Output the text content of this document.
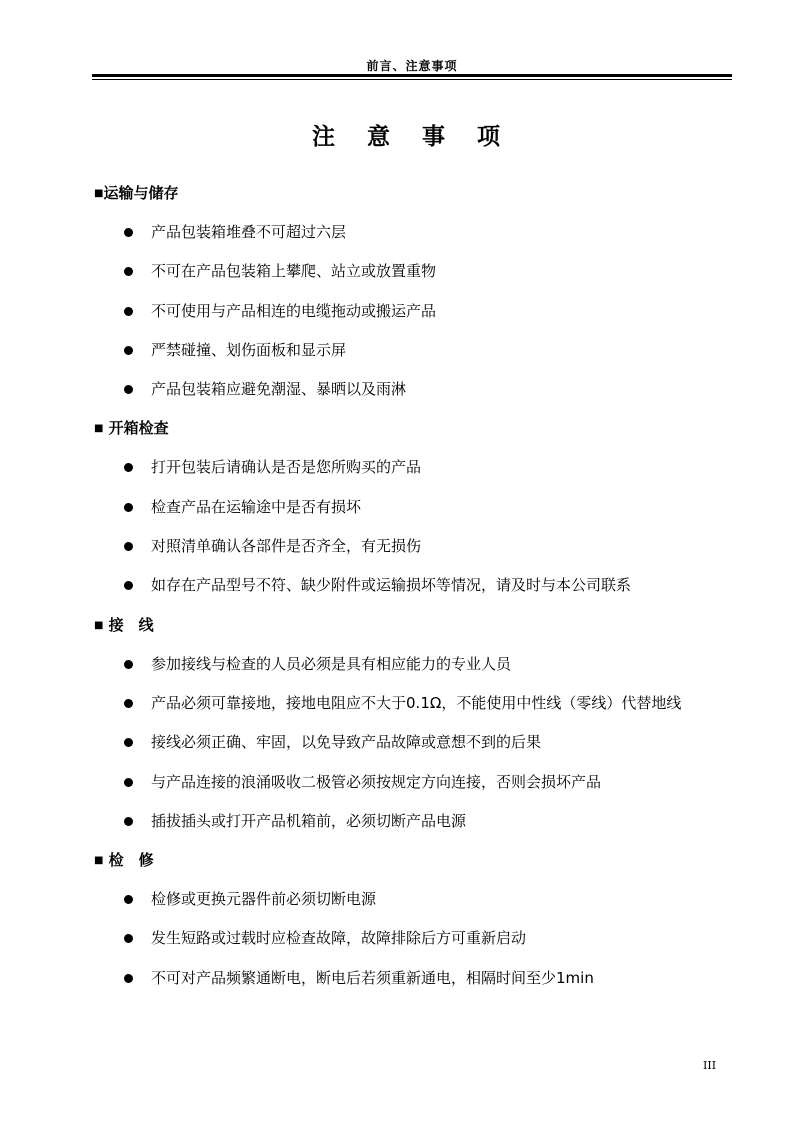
前言、注意事项
注 意 事 项
■运输与储存
产品包装箱堆叠不可超过六层
不可在产品包装箱上攀爬、站立或放置重物
不可使用与产品相连的电缆拖动或搬运产品
严禁碰撞、划伤面板和显示屏
产品包装箱应避免潮湿、暴晒以及雨淋
■ 开箱检查
打开包装后请确认是否是您所购买的产品
检查产品在运输途中是否有损坏
对照清单确认各部件是否齐全，有无损伤
如存在产品型号不符、缺少附件或运输损坏等情况，请及时与本公司联系
■ 接　线
参加接线与检查的人员必须是具有相应能力的专业人员
产品必须可靠接地，接地电阻应不大于0.1Ω，不能使用中性线（零线）代替地线
接线必须正确、牢固，以免导致产品故障或意想不到的后果
与产品连接的浪涌吸收二极管必须按规定方向连接，否则会损坏产品
插拔插头或打开产品机箱前，必须切断产品电源
■ 检　修
检修或更换元器件前必须切断电源
发生短路或过载时应检查故障，故障排除后方可重新启动
不可对产品频繁通断电，断电后若须重新通电，相隔时间至少1min
III
